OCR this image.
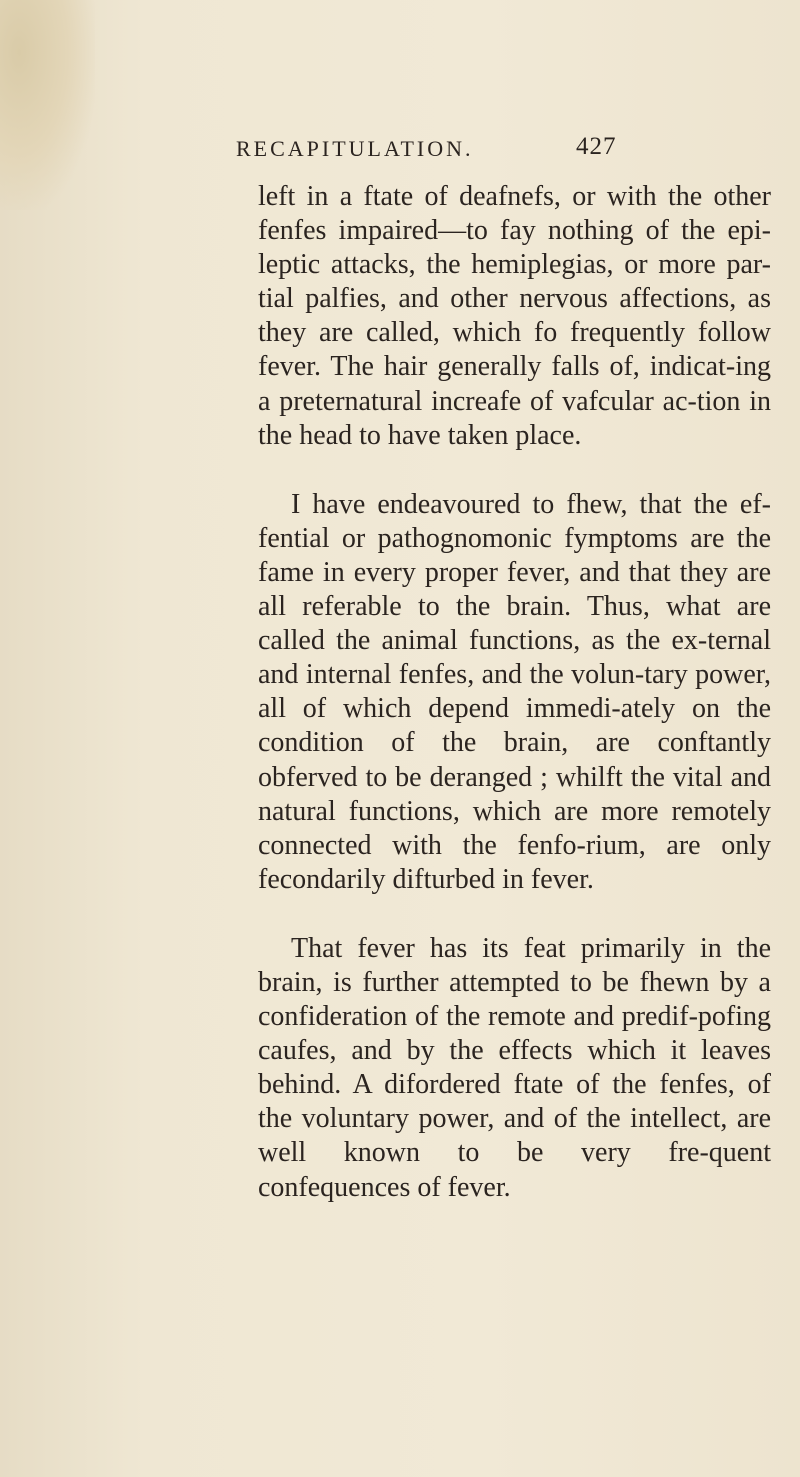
RECAPITULATION.	427

left in a ftate of deafnefs, or with the other fenfes impaired—to fay nothing of the epi-leptic attacks, the hemiplegias, or more par-tial palfies, and other nervous affections, as they are called, which fo frequently follow fever. The hair generally falls of, indicat-ing a preternatural increafe of vafcular ac-tion in the head to have taken place.

I have endeavoured to fhew, that the ef-fential or pathognomonic fymptoms are the fame in every proper fever, and that they are all referable to the brain. Thus, what are called the animal functions, as the ex-ternal and internal fenfes, and the volun-tary power, all of which depend immedi-ately on the condition of the brain, are conftantly obferved to be deranged ; whilft the vital and natural functions, which are more remotely connected with the fenfo-rium, are only fecondarily difturbed in fever.

That fever has its feat primarily in the brain, is further attempted to be fhewn by a confideration of the remote and predif-pofing caufes, and by the effects which it leaves behind. A difordered ftate of the fenfes, of the voluntary power, and of the intellect, are well known to be very fre-quent confequences of fever.
